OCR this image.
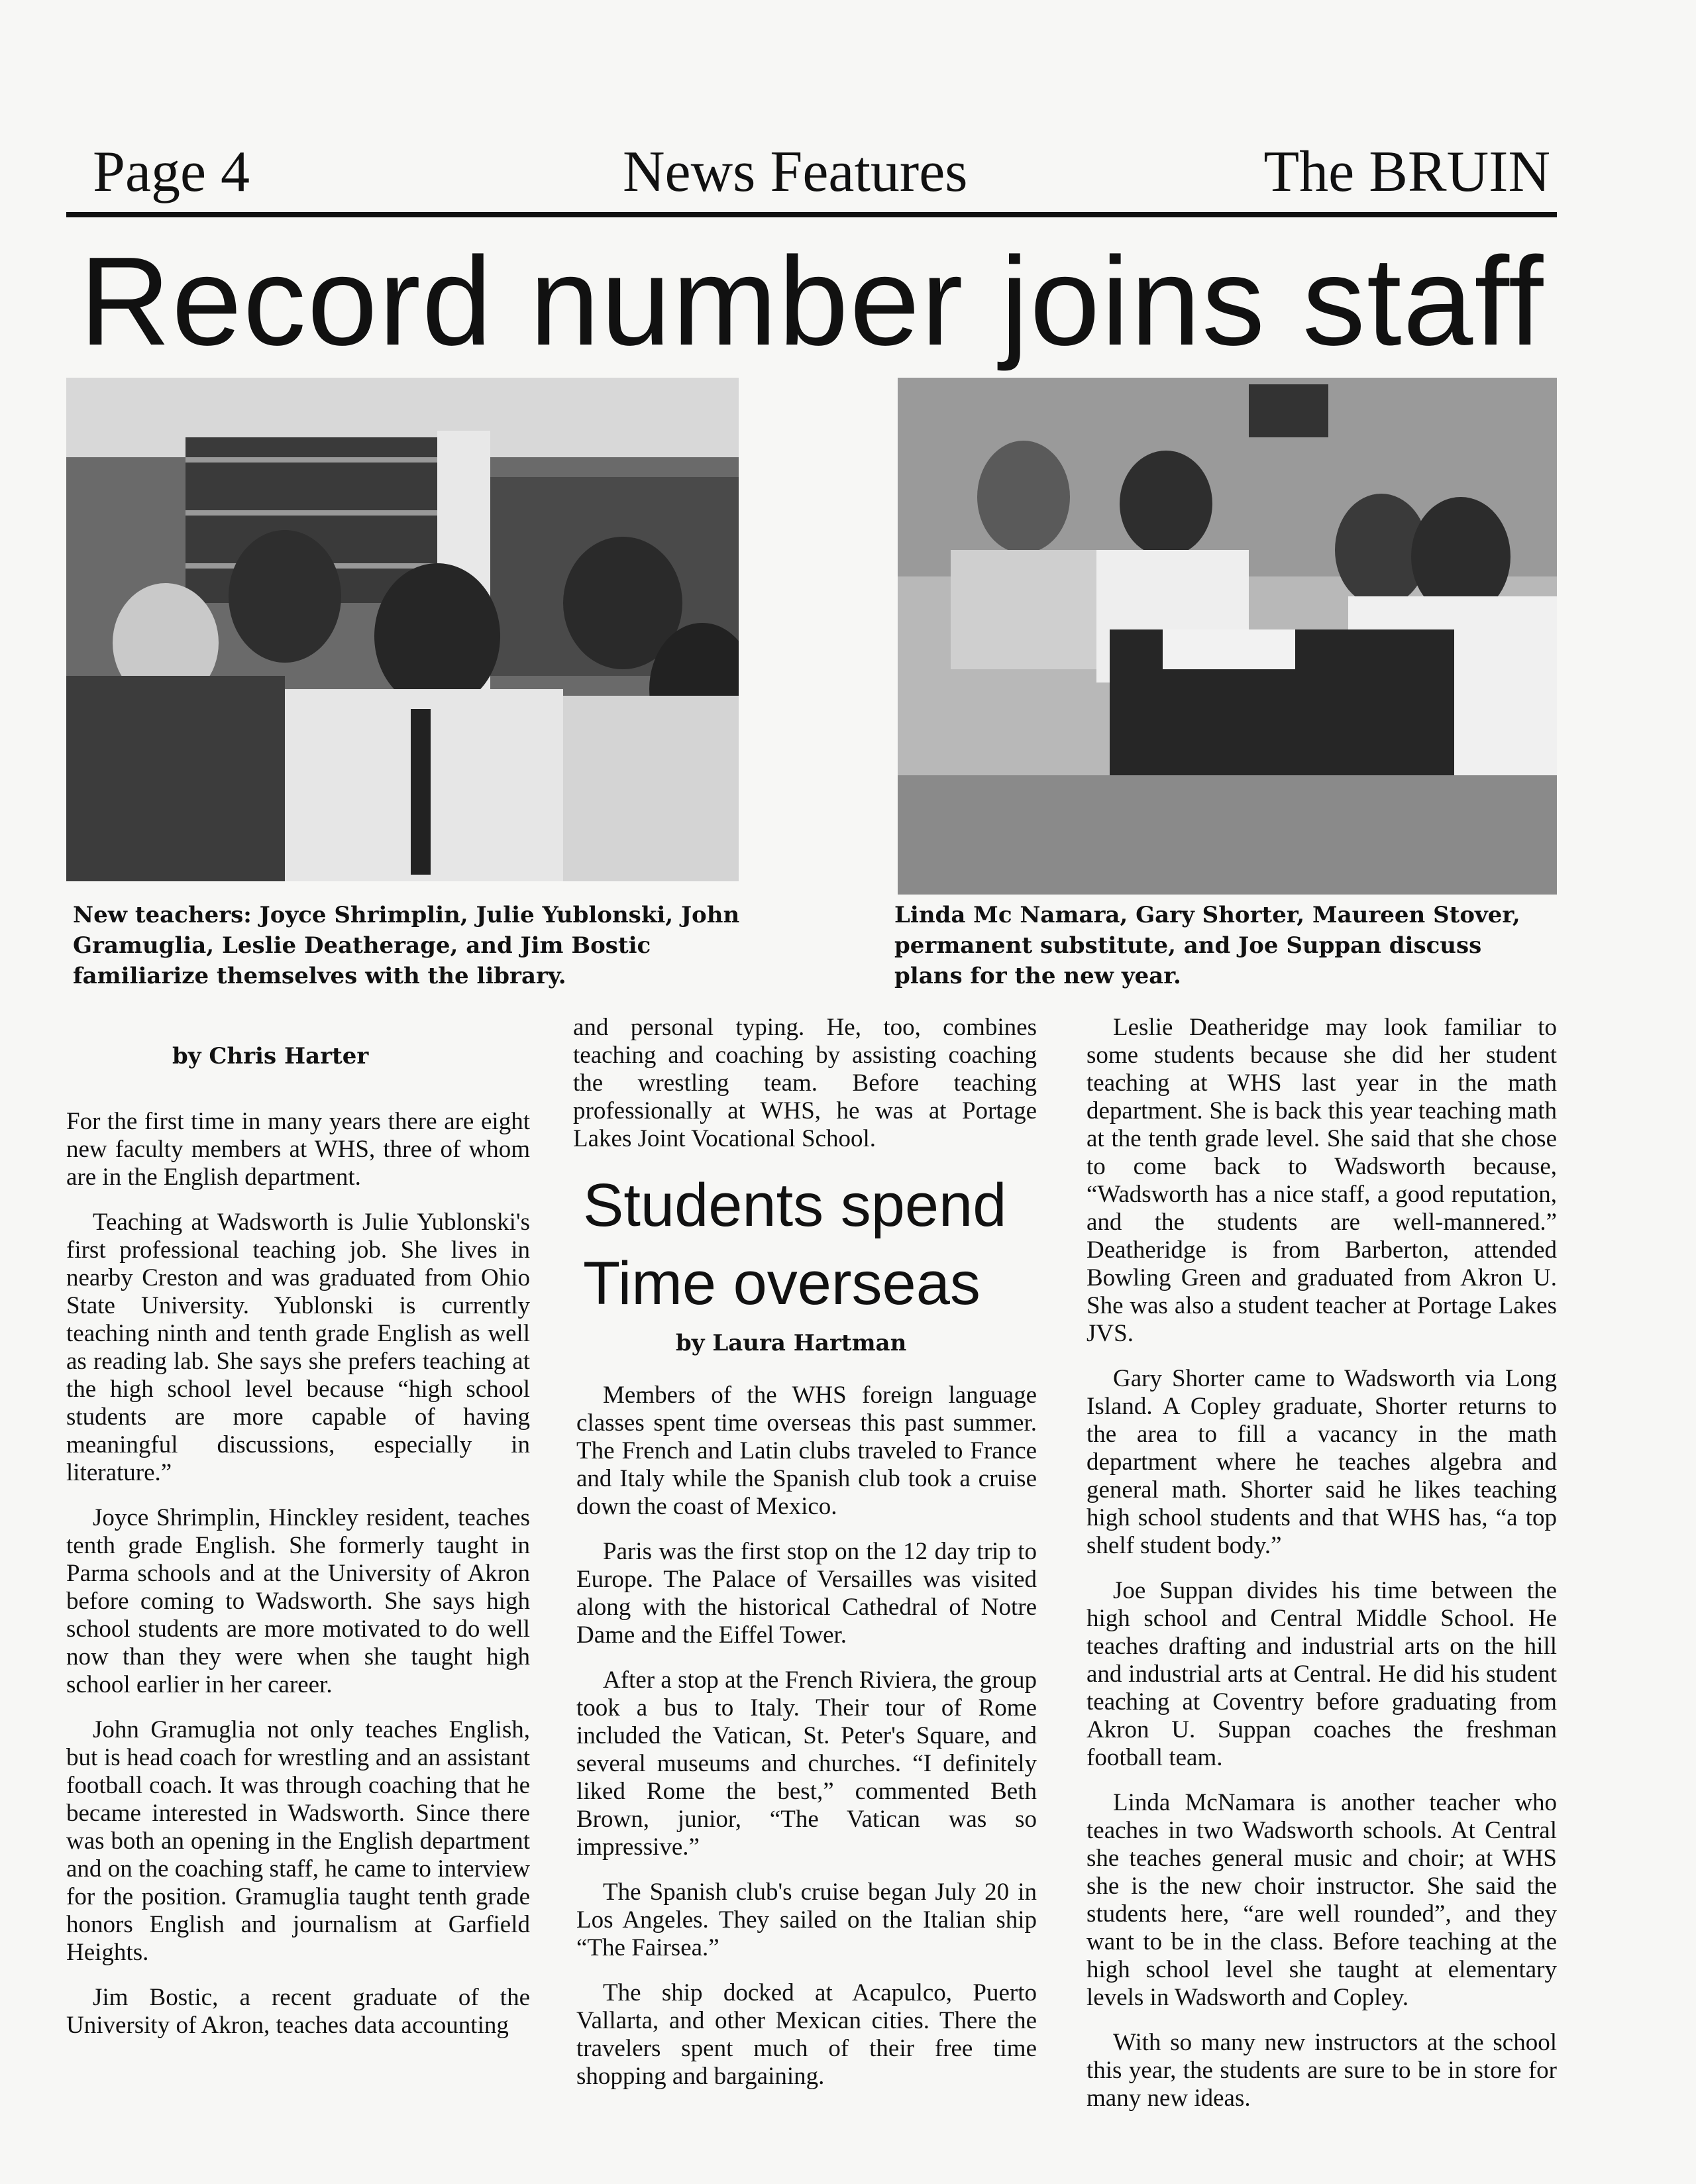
Page 4	News Features	The BRUIN
Record number joins staff
New teachers: Joyce Shrimplin, Julie Yublonski, John Gramuglia, Leslie Deatherage, and Jim Bostic familiarize themselves with the library.
Linda Mc Namara, Gary Shorter, Maureen Stover, permanent substitute, and Joe Suppan discuss plans for the new year.
by Chris Harter

For the first time in many years there are eight new faculty members at WHS, three of whom are in the English department.

Teaching at Wadsworth is Julie Yublonski's first professional teaching job. She lives in nearby Creston and was graduated from Ohio State University. Yublonski is currently teaching ninth and tenth grade English as well as reading lab. She says she prefers teaching at the high school level because “high school students are more capable of having meaningful discussions, especially in literature.”

Joyce Shrimplin, Hinckley resident, teaches tenth grade English. She formerly taught in Parma schools and at the University of Akron before coming to Wadsworth. She says high school students are more motivated to do well now than they were when she taught high school earlier in her career.

John Gramuglia not only teaches English, but is head coach for wrestling and an assistant football coach. It was through coaching that he became interested in Wadsworth. Since there was both an opening in the English department and on the coaching staff, he came to interview for the position. Gramuglia taught tenth grade honors English and journalism at Garfield Heights.

Jim Bostic, a recent graduate of the University of Akron, teaches data accounting

and personal typing. He, too, combines teaching and coaching by assisting coaching the wrestling team. Before teaching professionally at WHS, he was at Portage Lakes Joint Vocational School.

Students spend
Time overseas
by Laura Hartman

Members of the WHS foreign language classes spent time overseas this past summer. The French and Latin clubs traveled to France and Italy while the Spanish club took a cruise down the coast of Mexico.

Paris was the first stop on the 12 day trip to Europe. The Palace of Versailles was visited along with the historical Cathedral of Notre Dame and the Eiffel Tower.

After a stop at the French Riviera, the group took a bus to Italy. Their tour of Rome included the Vatican, St. Peter's Square, and several museums and churches. “I definitely liked Rome the best,” commented Beth Brown, junior, “The Vatican was so impressive.”

The Spanish club's cruise began July 20 in Los Angeles. They sailed on the Italian ship “The Fairsea.”

The ship docked at Acapulco, Puerto Vallarta, and other Mexican cities. There the travelers spent much of their free time shopping and bargaining.

Leslie Deatheridge may look familiar to some students because she did her student teaching at WHS last year in the math department. She is back this year teaching math at the tenth grade level. She said that she chose to come back to Wadsworth because, “Wadsworth has a nice staff, a good reputation, and the students are well-mannered.” Deatheridge is from Barberton, attended Bowling Green and graduated from Akron U. She was also a student teacher at Portage Lakes JVS.

Gary Shorter came to Wadsworth via Long Island. A Copley graduate, Shorter returns to the area to fill a vacancy in the math department where he teaches algebra and general math. Shorter said he likes teaching high school students and that WHS has, “a top shelf student body.”

Joe Suppan divides his time between the high school and Central Middle School. He teaches drafting and industrial arts on the hill and industrial arts at Central. He did his student teaching at Coventry before graduating from Akron U. Suppan coaches the freshman football team.

Linda McNamara is another teacher who teaches in two Wadsworth schools. At Central she teaches general music and choir; at WHS she is the new choir instructor. She said the students here, “are well rounded”, and they want to be in the class. Before teaching at the high school level she taught at elementary levels in Wadsworth and Copley.

With so many new instructors at the school this year, the students are sure to be in store for many new ideas.
